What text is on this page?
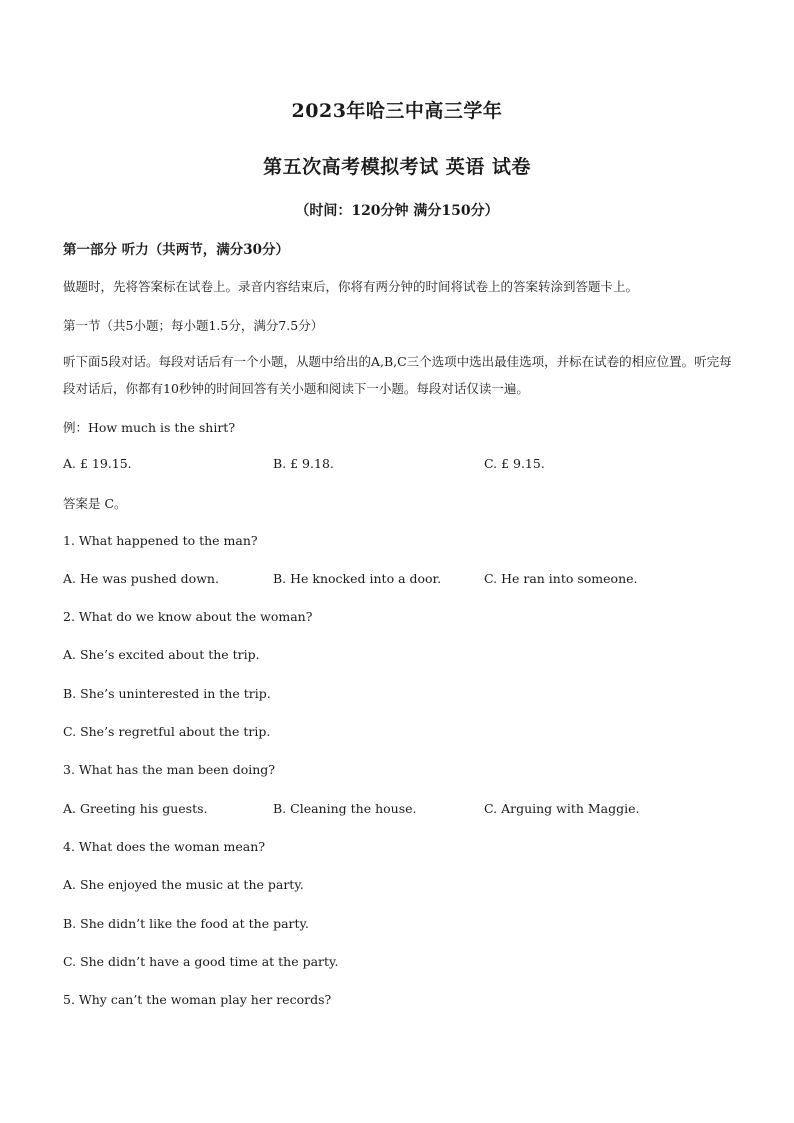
2023年哈三中高三学年
第五次高考模拟考试 英语 试卷
（时间：120分钟 满分150分）
第一部分 听力（共两节，满分30分）
做题时，先将答案标在试卷上。录音内容结束后，你将有两分钟的时间将试卷上的答案转涂到答题卡上。
第一节（共5小题；每小题1.5分，满分7.5分）
听下面5段对话。每段对话后有一个小题，从题中给出的A,B,C三个选项中选出最佳选项，并标在试卷的相应位置。听完每段对话后，你都有10秒钟的时间回答有关小题和阅读下一小题。每段对话仅读一遍。
例：How much is the shirt?
A. £ 19.15.	B. £ 9.18.	C. £ 9.15.
答案是 C。
1. What happened to the man?
A. He was pushed down.	B. He knocked into a door.	C. He ran into someone.
2. What do we know about the woman?
A. She’s excited about the trip.
B. She’s uninterested in the trip.
C. She’s regretful about the trip.
3. What has the man been doing?
A. Greeting his guests.	B. Cleaning the house.	C. Arguing with Maggie.
4. What does the woman mean?
A. She enjoyed the music at the party.
B. She didn’t like the food at the party.
C. She didn’t have a good time at the party.
5. Why can’t the woman play her records?
